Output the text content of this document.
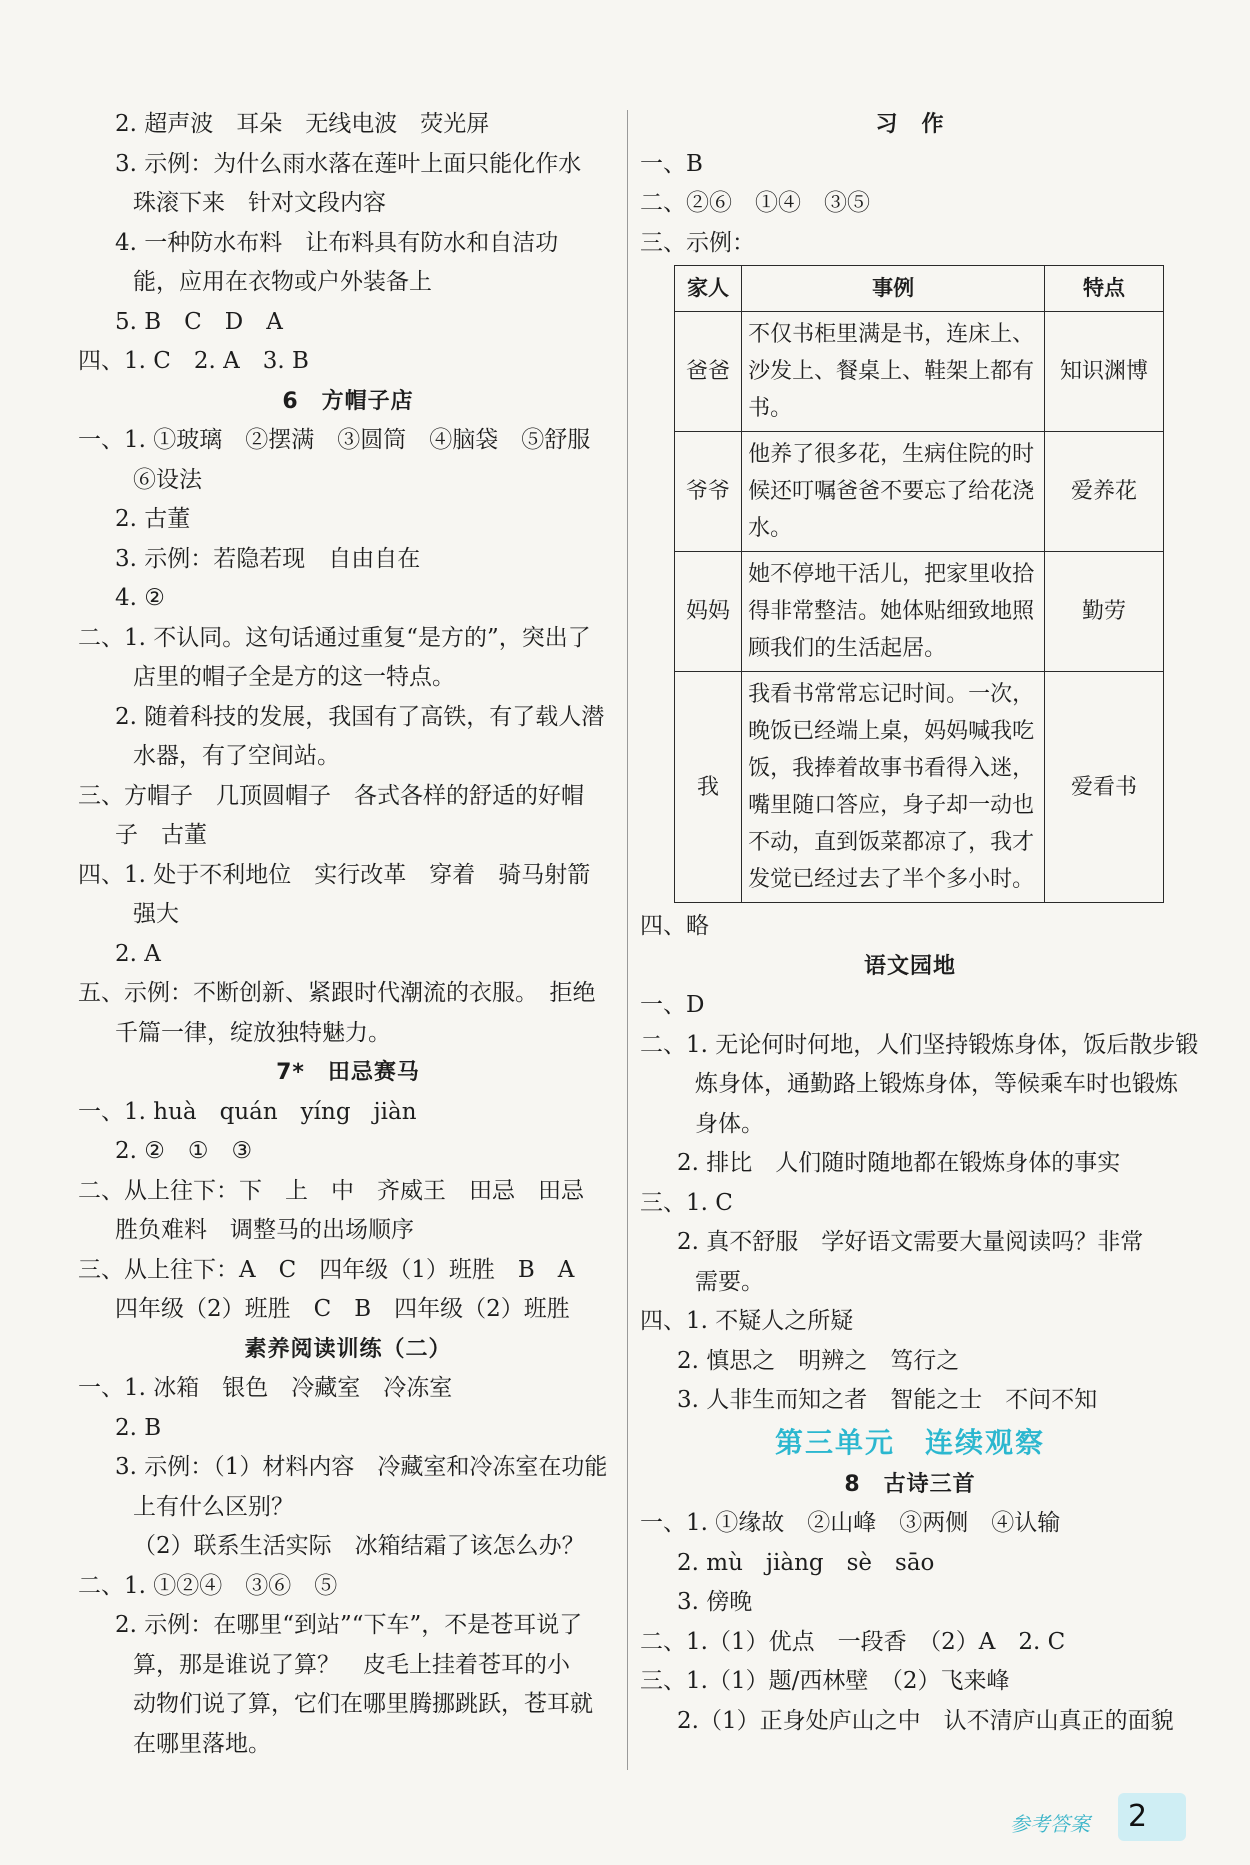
2. 超声波　耳朵　无线电波　荧光屏
3. 示例：为什么雨水落在莲叶上面只能化作水
珠滚下来　针对文段内容
4. 一种防水布料　让布料具有防水和自洁功
能，应用在衣物或户外装备上
5. B　C　D　A
四、1. C　2. A　3. B
6　方帽子店
一、1. ①玻璃　②摆满　③圆筒　④脑袋　⑤舒服
⑥设法
2. 古董
3. 示例：若隐若现　自由自在
4. ②
二、1. 不认同。这句话通过重复“是方的”，突出了
店里的帽子全是方的这一特点。
2. 随着科技的发展，我国有了高铁，有了载人潜
水器，有了空间站。
三、方帽子　几顶圆帽子　各式各样的舒适的好帽
子　古董
四、1. 处于不利地位　实行改革　穿着　骑马射箭
强大
2. A
五、示例：不断创新、紧跟时代潮流的衣服。　拒绝
千篇一律，绽放独特魅力。
7*　田忌赛马
一、1. huà　quán　yíng　jiàn
2. ②　①　③
二、从上往下：下　上　中　齐威王　田忌　田忌
胜负难料　调整马的出场顺序
三、从上往下：A　C　四年级（1）班胜　B　A
四年级（2）班胜　C　B　四年级（2）班胜
素养阅读训练（二）
一、1. 冰箱　银色　冷藏室　冷冻室
2. B
3. 示例：（1）材料内容　冷藏室和冷冻室在功能
上有什么区别？
（2）联系生活实际　冰箱结霜了该怎么办？
二、1. ①②④　③⑥　⑤
2. 示例：在哪里“到站”“下车”，不是苍耳说了
算，那是谁说了算？　皮毛上挂着苍耳的小
动物们说了算，它们在哪里腾挪跳跃，苍耳就
在哪里落地。
习　作
一、B
二、②⑥　①④　③⑤
三、示例：
家人	事例	特点
爸爸	不仅书柜里满是书，连床上、沙发上、餐桌上、鞋架上都有书。	知识渊博
爷爷	他养了很多花，生病住院的时候还叮嘱爸爸不要忘了给花浇水。	爱养花
妈妈	她不停地干活儿，把家里收拾得非常整洁。她体贴细致地照顾我们的生活起居。	勤劳
我	我看书常常忘记时间。一次，晚饭已经端上桌，妈妈喊我吃饭，我捧着故事书看得入迷，嘴里随口答应，身子却一动也不动，直到饭菜都凉了，我才发觉已经过去了半个多小时。	爱看书
四、略
语文园地
一、D
二、1. 无论何时何地，人们坚持锻炼身体，饭后散步锻
炼身体，通勤路上锻炼身体，等候乘车时也锻炼
身体。
2. 排比　人们随时随地都在锻炼身体的事实
三、1. C
2. 真不舒服　学好语文需要大量阅读吗？非常
需要。
四、1. 不疑人之所疑
2. 慎思之　明辨之　笃行之
3. 人非生而知之者　智能之士　不问不知
第三单元　连续观察
8　古诗三首
一、1. ①缘故　②山峰　③两侧　④认输
2. mù　jiàng　sè　sāo
3. 傍晚
二、1.（1）优点　一段香　（2）A　2. C
三、1.（1）题/西林壁　（2）飞来峰
2.（1）正身处庐山之中　认不清庐山真正的面貌
参考答案 2
